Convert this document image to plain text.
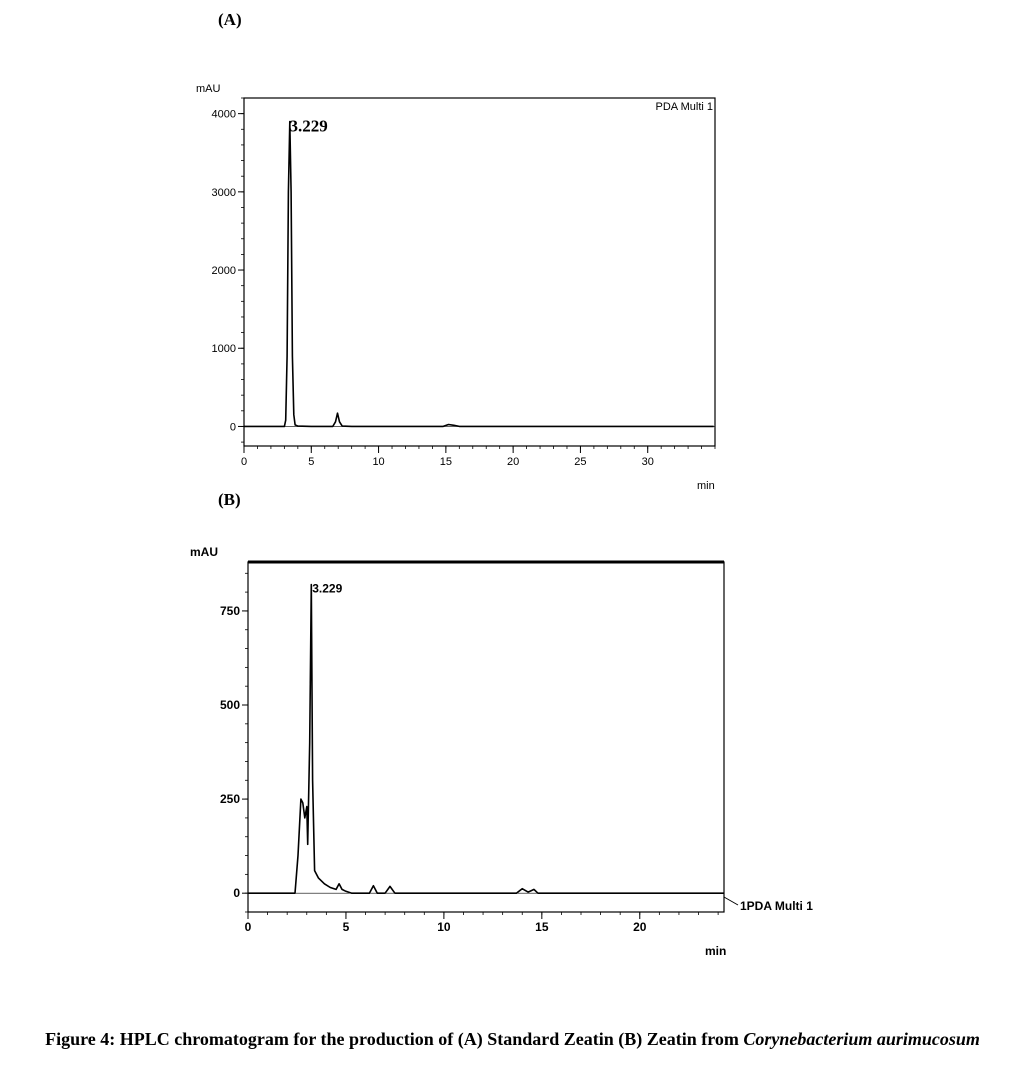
(A)
(B)
0
1000
2000
3000
4000
0	5	10	15	20	25	30
mAU
min
3.229
PDA Multi 1
0
250
500
750
0	5	10	15	20
mAU
min
3.229
1PDA Multi 1
Figure 4: HPLC chromatogram for the production of (A) Standard Zeatin (B) Zeatin from Corynebacterium aurimucosum
